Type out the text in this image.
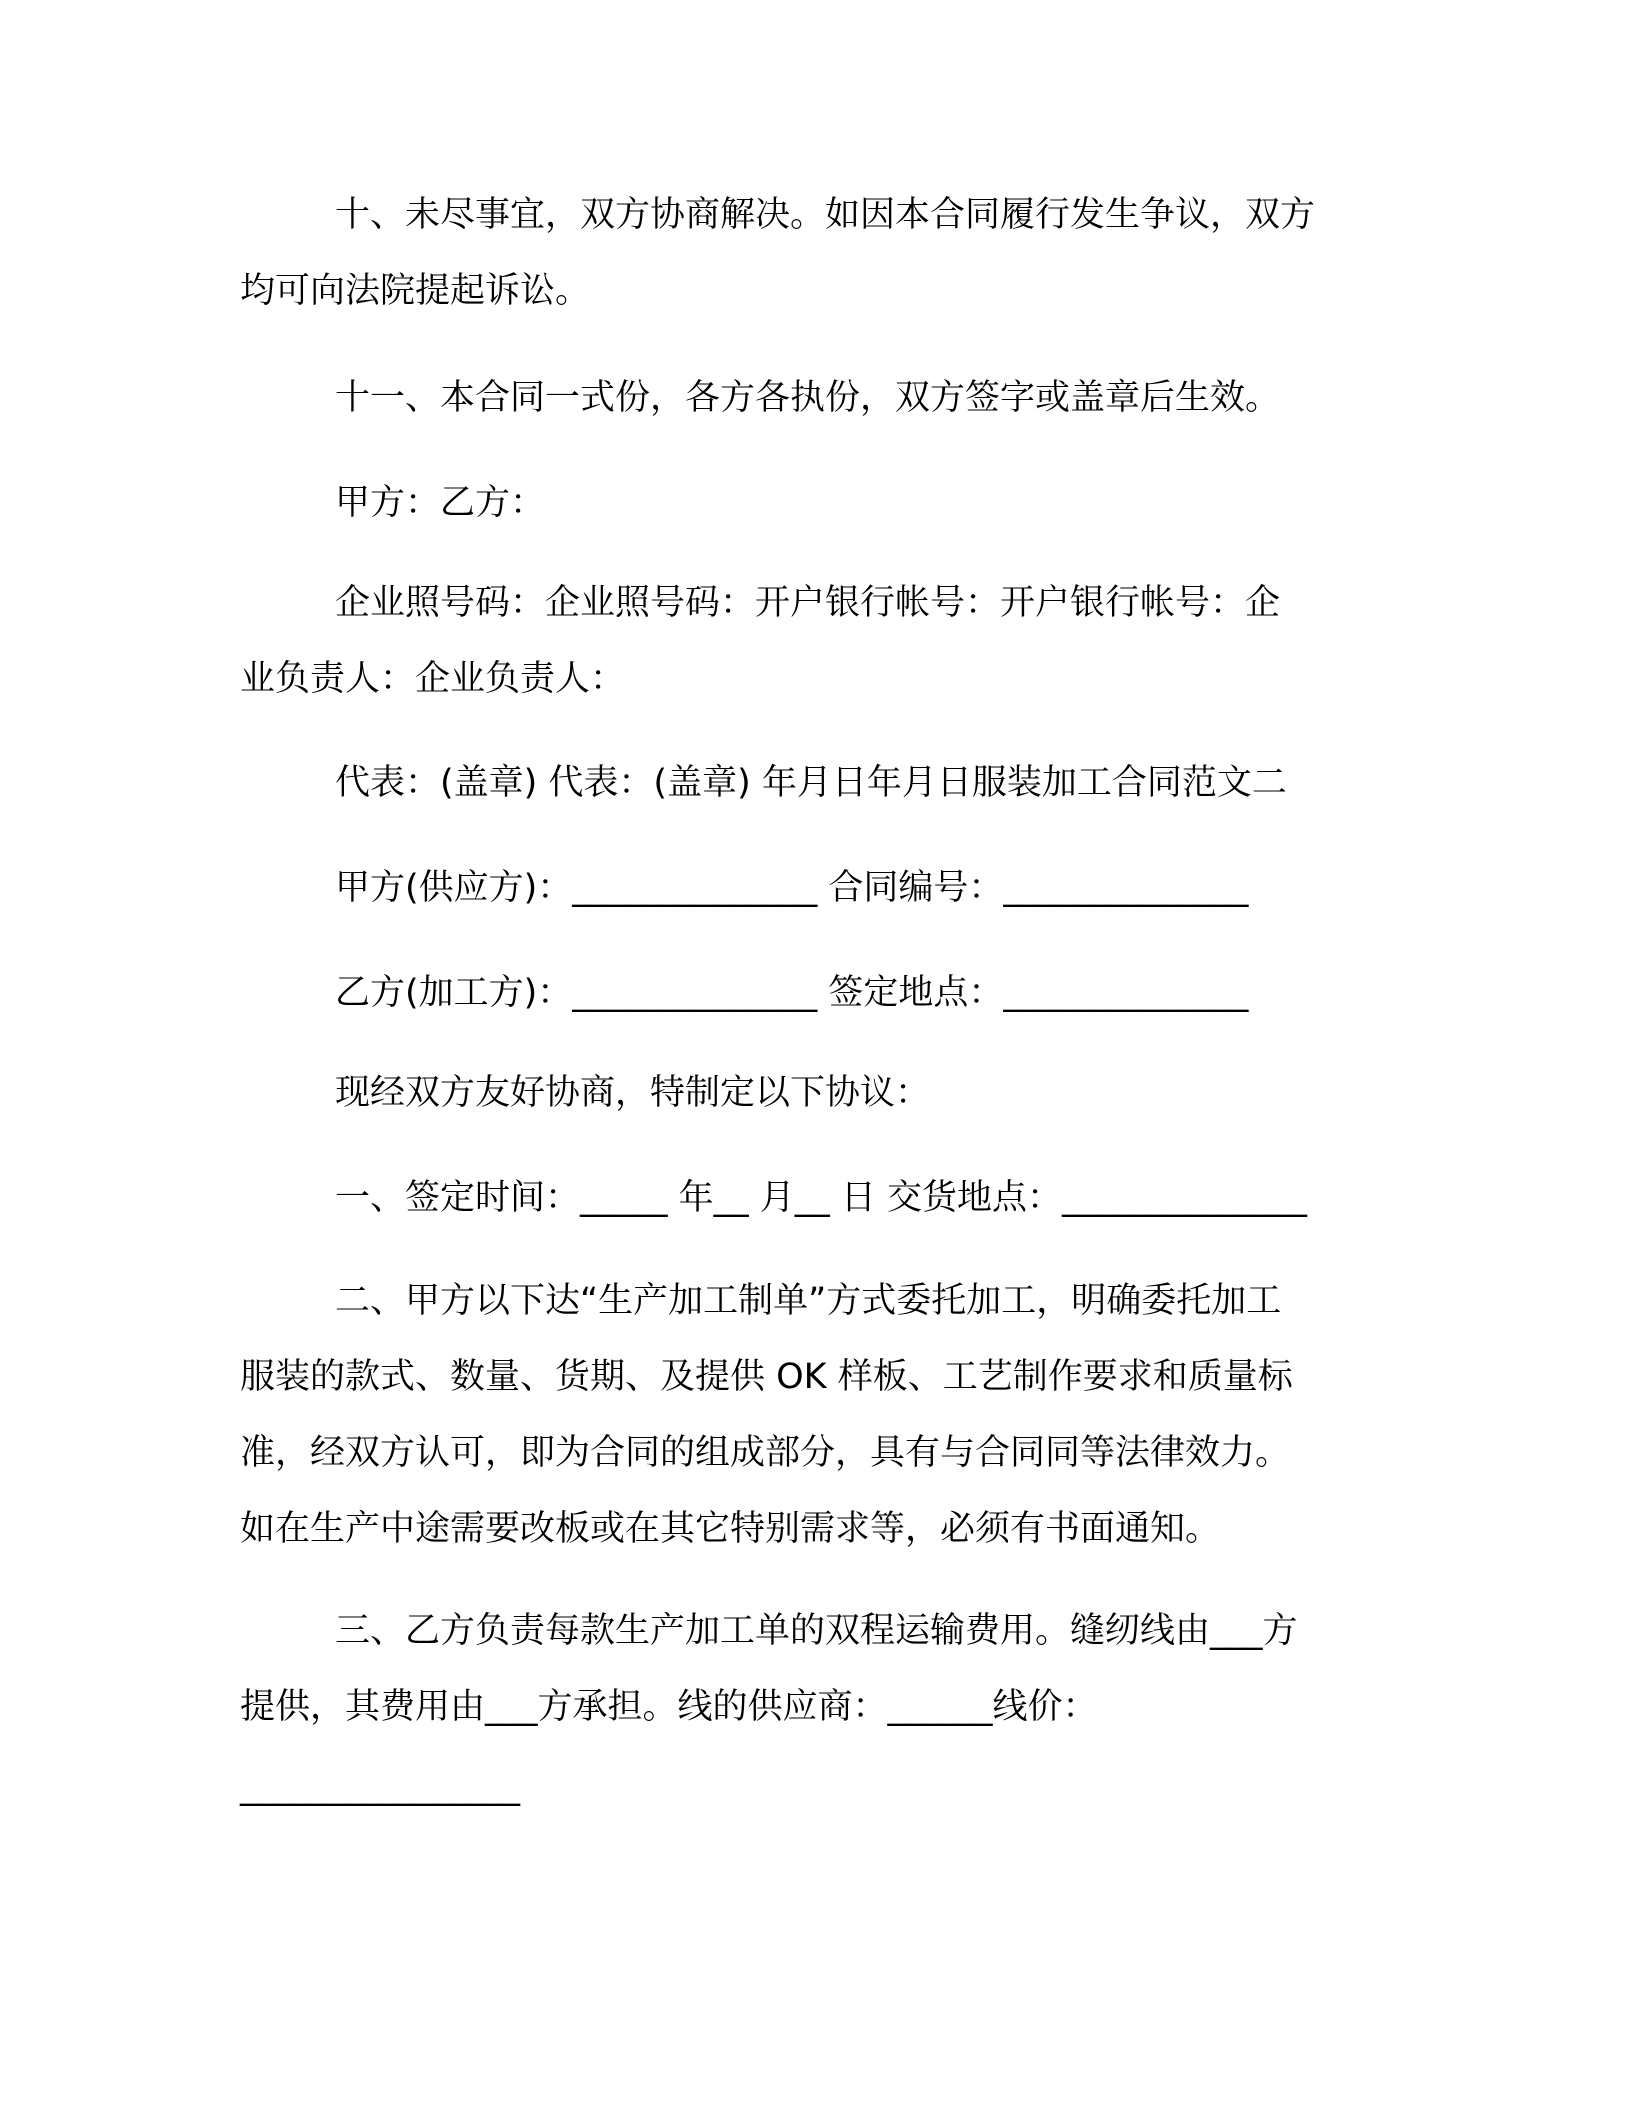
十、未尽事宜，双方协商解决。如因本合同履行发生争议，双方
均可向法院提起诉讼。

十一、本合同一式份，各方各执份，双方签字或盖章后生效。

甲方：乙方：

企业照号码：企业照号码：开户银行帐号：开户银行帐号：企
业负责人：企业负责人：

代表：(盖章) 代表：(盖章) 年月日年月日服装加工合同范文二

甲方(供应方)：______________ 合同编号：______________

乙方(加工方)：______________ 签定地点：______________

现经双方友好协商，特制定以下协议：

一、签定时间：_____ 年__ 月__ 日 交货地点：______________

二、甲方以下达“生产加工制单”方式委托加工，明确委托加工
服装的款式、数量、货期、及提供 OK 样板、工艺制作要求和质量标
准，经双方认可，即为合同的组成部分，具有与合同同等法律效力。
如在生产中途需要改板或在其它特别需求等，必须有书面通知。

三、乙方负责每款生产加工单的双程运输费用。缝纫线由___方
提供，其费用由___方承担。线的供应商：______线价：
________________
